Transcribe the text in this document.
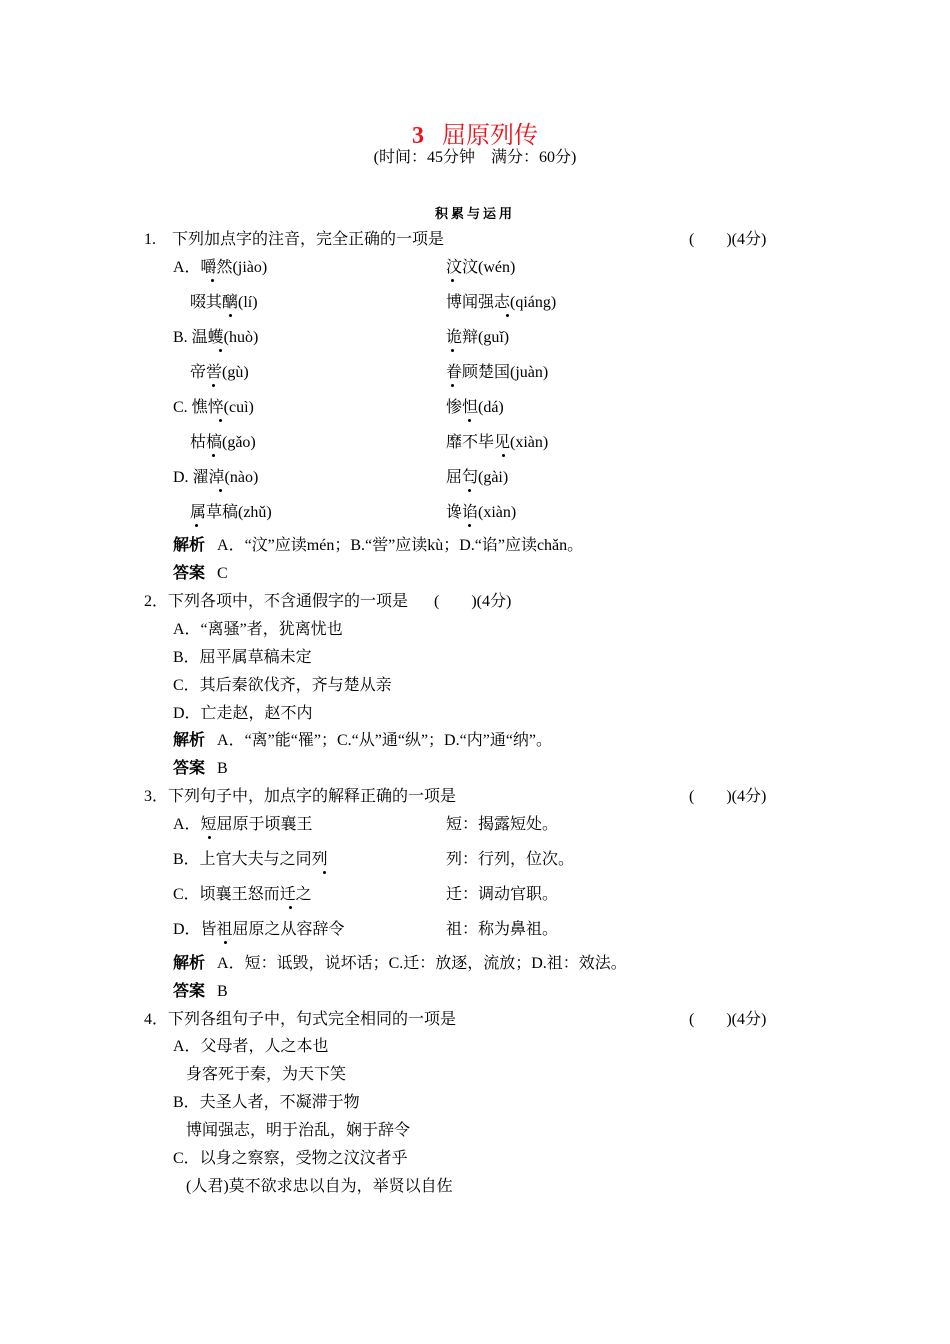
3 屈原列传
(时间：45分钟　满分：60分)
积累与运用
1.　下列加点字的注音，完全正确的一项是	(　　)(4分)
A．嚼然(jiào)	汶汶(wén)
啜其醨(lí)	博闻强志(qiáng)
B. 温蠖(huò)	诡辩(guǐ)
帝喾(gù)	眷顾楚国(juàn)
C. 憔悴(cuì)	惨怛(dá)
枯槁(gǎo)	靡不毕见(xiàn)
D. 濯淖(nào)	屈匄(gài)
属草稿(zhǔ)	谗谄(xiàn)
解析 A．“汶”应读mén；B.“喾”应读kù；D.“谄”应读chǎn。
答案 C
2．下列各项中，不含通假字的一项是 (　　)(4分)
A．“离骚”者，犹离忧也
B．屈平属草稿未定
C．其后秦欲伐齐，齐与楚从亲
D．亡走赵，赵不内
解析 A．“离”能“罹”；C.“从”通“纵”；D.“内”通“纳”。
答案 B
3．下列句子中，加点字的解释正确的一项是	(　　)(4分)
A．短屈原于顷襄王	短：揭露短处。
B．上官大夫与之同列	列：行列，位次。
C．顷襄王怒而迁之	迁：调动官职。
D．皆祖屈原之从容辞令	祖：称为鼻祖。
解析 A．短：诋毁，说坏话；C.迁：放逐，流放；D.祖：效法。
答案 B
4．下列各组句子中，句式完全相同的一项是	(　　)(4分)
A．父母者，人之本也
身客死于秦，为天下笑
B．夫圣人者，不凝滞于物
博闻强志，明于治乱，娴于辞令
C．以身之察察，受物之汶汶者乎
(人君)莫不欲求忠以自为，举贤以自佐
